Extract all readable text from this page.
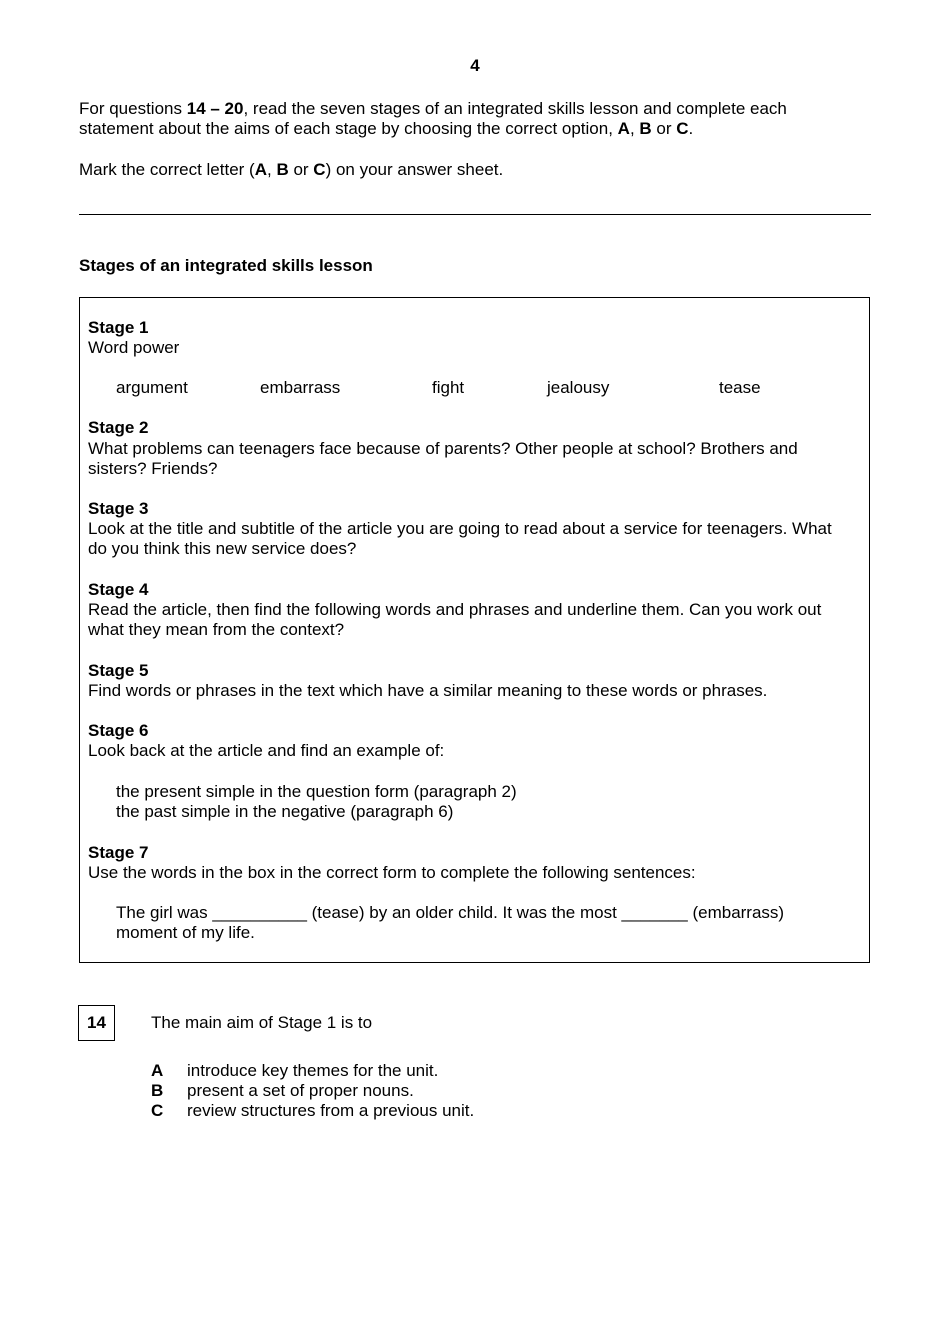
4
For questions 14 – 20, read the seven stages of an integrated skills lesson and complete each
statement about the aims of each stage by choosing the correct option, A, B or C.
Mark the correct letter (A, B or C) on your answer sheet.
Stages of an integrated skills lesson
Stage 1
Word power
argument	embarrass	fight	jealousy	tease
Stage 2
What problems can teenagers face because of parents? Other people at school? Brothers and
sisters? Friends?
Stage 3
Look at the title and subtitle of the article you are going to read about a service for teenagers. What
do you think this new service does?
Stage 4
Read the article, then find the following words and phrases and underline them. Can you work out
what they mean from the context?
Stage 5
Find words or phrases in the text which have a similar meaning to these words or phrases.
Stage 6
Look back at the article and find an example of:
the present simple in the question form (paragraph 2)
the past simple in the negative (paragraph 6)
Stage 7
Use the words in the box in the correct form to complete the following sentences:
The girl was __________ (tease) by an older child. It was the most _______ (embarrass)
moment of my life.
14	The main aim of Stage 1 is to
A introduce key themes for the unit.
B present a set of proper nouns.
C review structures from a previous unit.
